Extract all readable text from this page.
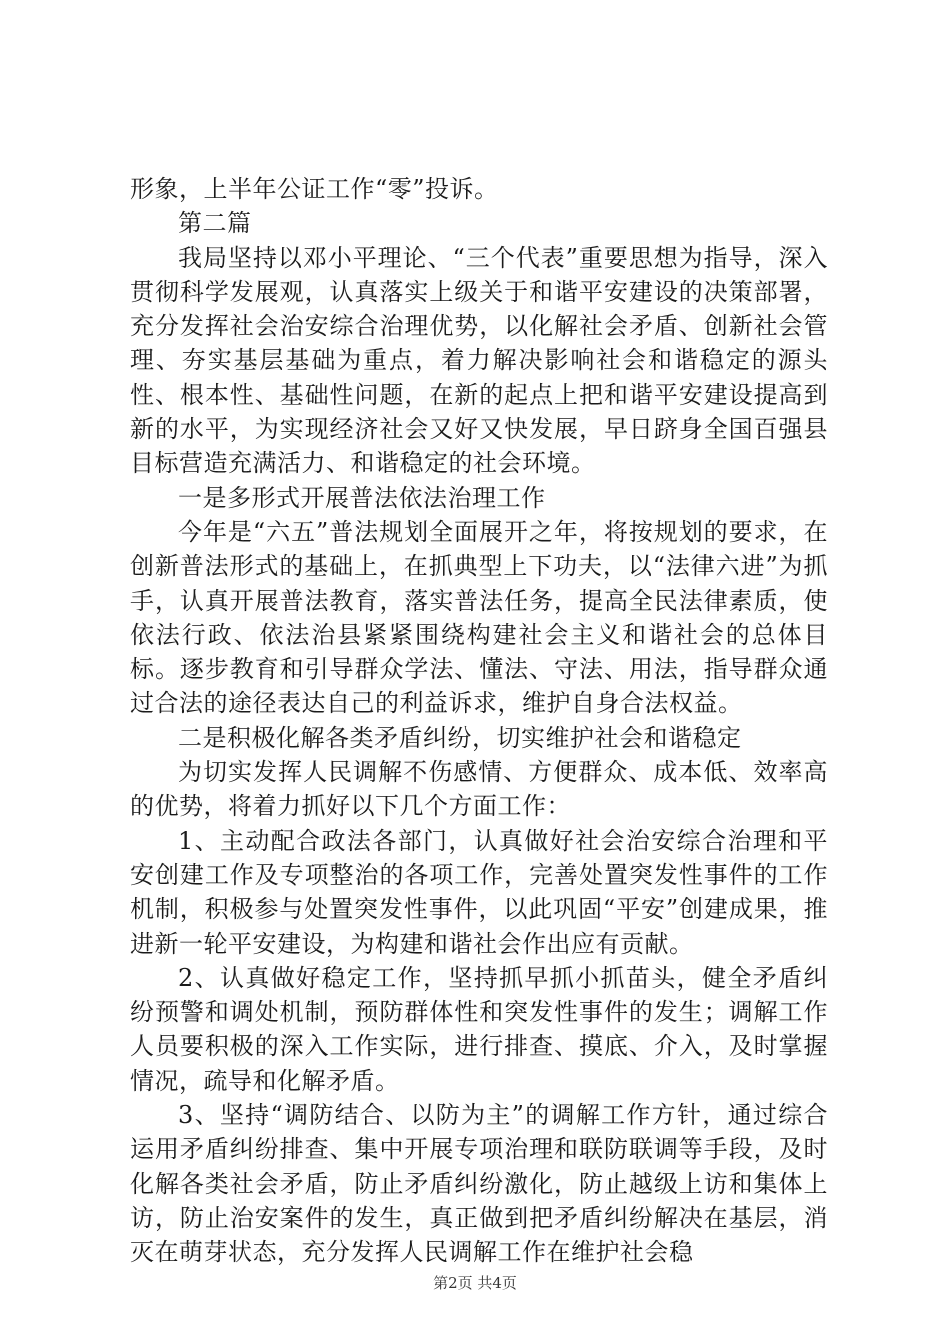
形象，上半年公证工作“零”投诉。

第二篇

我局坚持以邓小平理论、“三个代表”重要思想为指导，深入贯彻科学发展观，认真落实上级关于和谐平安建设的决策部署，充分发挥社会治安综合治理优势，以化解社会矛盾、创新社会管理、夯实基层基础为重点，着力解决影响社会和谐稳定的源头性、根本性、基础性问题，在新的起点上把和谐平安建设提高到新的水平，为实现经济社会又好又快发展，早日跻身全国百强县目标营造充满活力、和谐稳定的社会环境。

一是多形式开展普法依法治理工作

今年是“六五”普法规划全面展开之年，将按规划的要求，在创新普法形式的基础上，在抓典型上下功夫，以“法律六进”为抓手，认真开展普法教育，落实普法任务，提高全民法律素质，使依法行政、依法治县紧紧围绕构建社会主义和谐社会的总体目标。逐步教育和引导群众学法、懂法、守法、用法，指导群众通过合法的途径表达自己的利益诉求，维护自身合法权益。

二是积极化解各类矛盾纠纷，切实维护社会和谐稳定

为切实发挥人民调解不伤感情、方便群众、成本低、效率高的优势，将着力抓好以下几个方面工作：

1、主动配合政法各部门，认真做好社会治安综合治理和平安创建工作及专项整治的各项工作，完善处置突发性事件的工作机制，积极参与处置突发性事件，以此巩固“平安”创建成果，推进新一轮平安建设，为构建和谐社会作出应有贡献。

2、认真做好稳定工作，坚持抓早抓小抓苗头，健全矛盾纠纷预警和调处机制，预防群体性和突发性事件的发生；调解工作人员要积极的深入工作实际，进行排查、摸底、介入，及时掌握情况，疏导和化解矛盾。

3、坚持“调防结合、以防为主”的调解工作方针，通过综合运用矛盾纠纷排查、集中开展专项治理和联防联调等手段，及时化解各类社会矛盾，防止矛盾纠纷激化，防止越级上访和集体上访，防止治安案件的发生，真正做到把矛盾纠纷解决在基层，消灭在萌芽状态，充分发挥人民调解工作在维护社会稳

第2页 共4页
